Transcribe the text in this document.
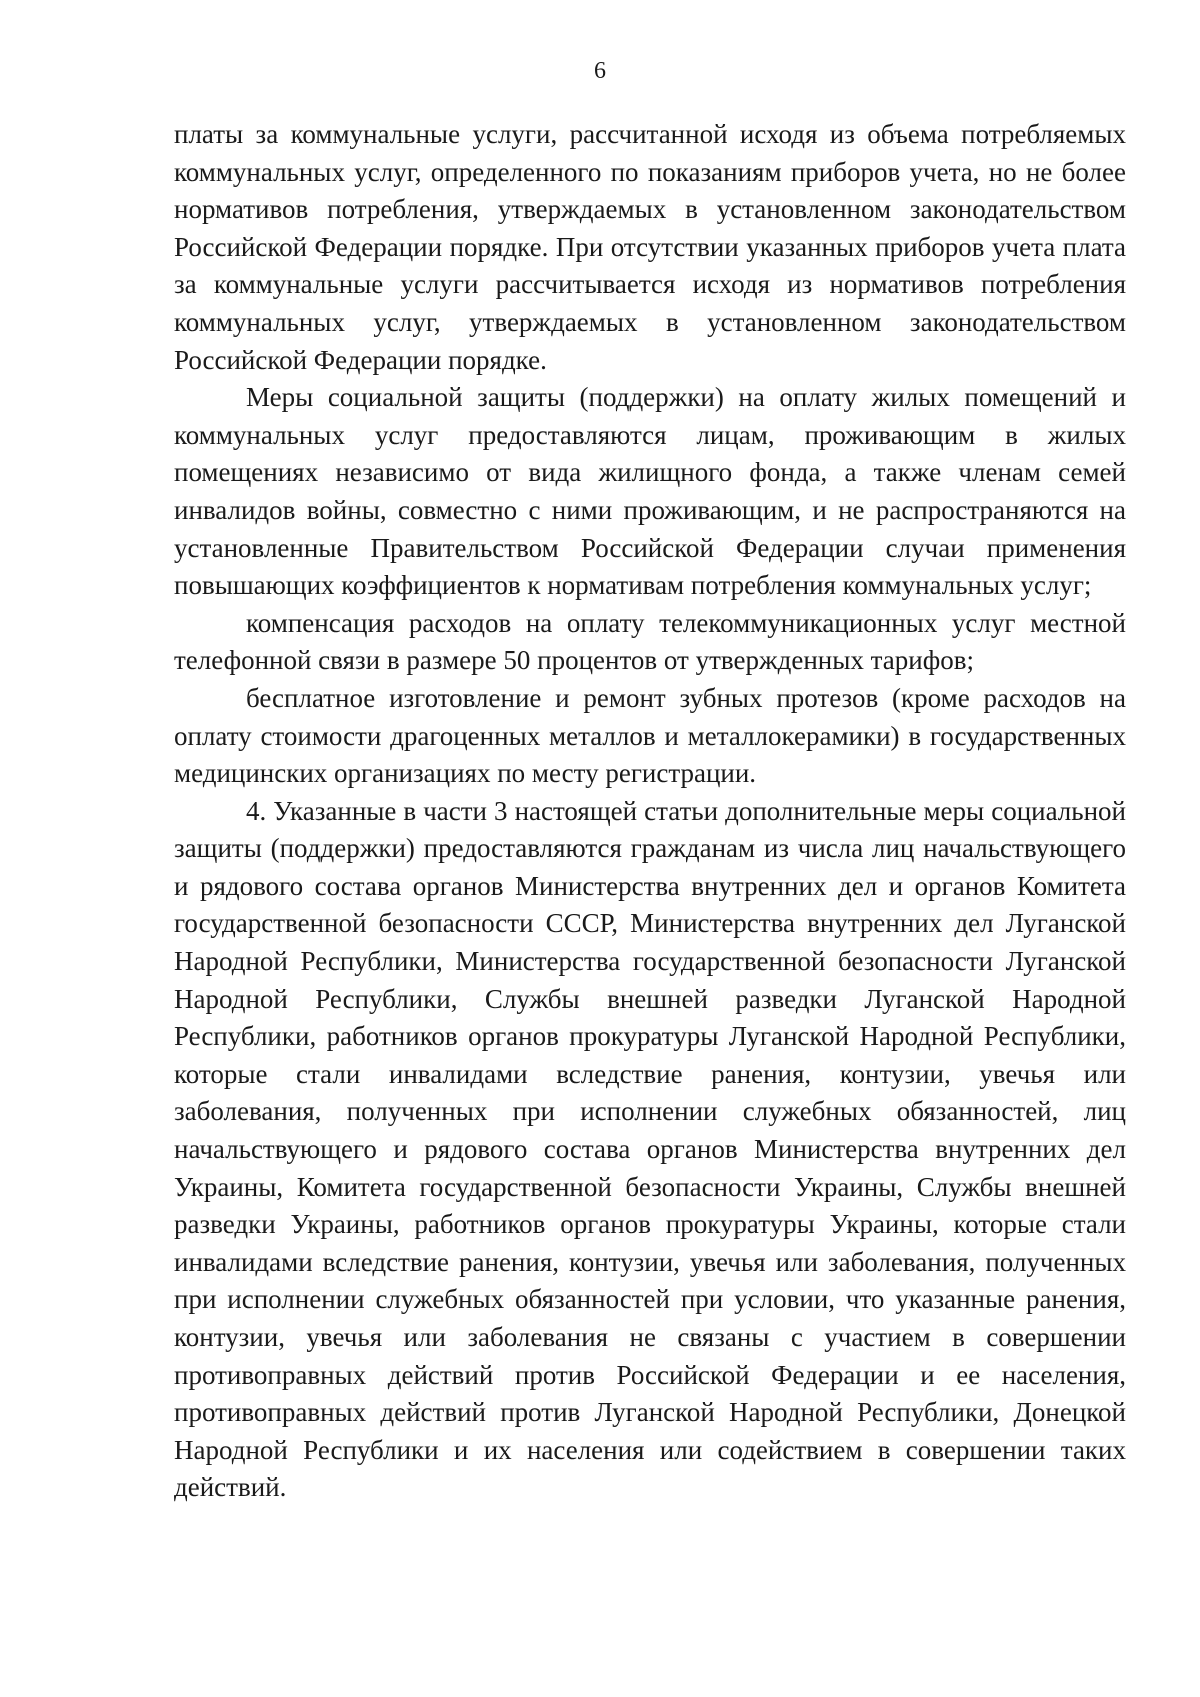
6

платы за коммунальные услуги, рассчитанной исходя из объема потребляемых коммунальных услуг, определенного по показаниям приборов учета, но не более нормативов потребления, утверждаемых в установленном законодательством Российской Федерации порядке. При отсутствии указанных приборов учета плата за коммунальные услуги рассчитывается исходя из нормативов потребления коммунальных услуг, утверждаемых в установленном законодательством Российской Федерации порядке.

Меры социальной защиты (поддержки) на оплату жилых помещений и коммунальных услуг предоставляются лицам, проживающим в жилых помещениях независимо от вида жилищного фонда, а также членам семей инвалидов войны, совместно с ними проживающим, и не распространяются на установленные Правительством Российской Федерации случаи применения повышающих коэффициентов к нормативам потребления коммунальных услуг;

компенсация расходов на оплату телекоммуникационных услуг местной телефонной связи в размере 50 процентов от утвержденных тарифов;

бесплатное изготовление и ремонт зубных протезов (кроме расходов на оплату стоимости драгоценных металлов и металлокерамики) в государственных медицинских организациях по месту регистрации.

4. Указанные в части 3 настоящей статьи дополнительные меры социальной защиты (поддержки) предоставляются гражданам из числа лиц начальствующего и рядового состава органов Министерства внутренних дел и органов Комитета государственной безопасности СССР, Министерства внутренних дел Луганской Народной Республики, Министерства государственной безопасности Луганской Народной Республики, Службы внешней разведки Луганской Народной Республики, работников органов прокуратуры Луганской Народной Республики, которые стали инвалидами вследствие ранения, контузии, увечья или заболевания, полученных при исполнении служебных обязанностей, лиц начальствующего и рядового состава органов Министерства внутренних дел Украины, Комитета государственной безопасности Украины, Службы внешней разведки Украины, работников органов прокуратуры Украины, которые стали инвалидами вследствие ранения, контузии, увечья или заболевания, полученных при исполнении служебных обязанностей при условии, что указанные ранения, контузии, увечья или заболевания не связаны с участием в совершении противоправных действий против Российской Федерации и ее населения, противоправных действий против Луганской Народной Республики, Донецкой Народной Республики и их населения или содействием в совершении таких действий.
